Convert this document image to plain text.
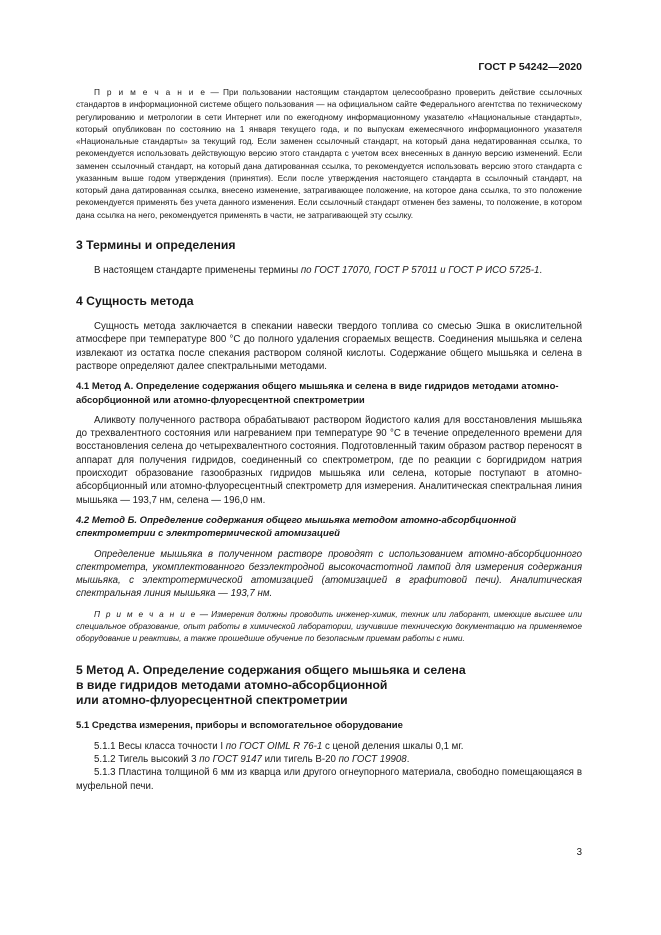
ГОСТ Р 54242—2020

П р и м е ч а н и е — При пользовании настоящим стандартом целесообразно проверить действие ссылочных стандартов в информационной системе общего пользования — на официальном сайте Федерального агентства по техническому регулированию и метрологии в сети Интернет или по ежегодному информационному указателю «Национальные стандарты», который опубликован по состоянию на 1 января текущего года, и по выпускам ежемесячного информационного указателя «Национальные стандарты» за текущий год. Если заменен ссылочный стандарт, на который дана недатированная ссылка, то рекомендуется использовать действующую версию этого стандарта с учетом всех внесенных в данную версию изменений. Если заменен ссылочный стандарт, на который дана датированная ссылка, то рекомендуется использовать версию этого стандарта с указанным выше годом утверждения (принятия). Если после утверждения настоящего стандарта в ссылочный стандарт, на который дана датированная ссылка, внесено изменение, затрагивающее положение, на которое дана ссылка, то это положение рекомендуется применять без учета данного изменения. Если ссылочный стандарт отменен без замены, то положение, в котором дана ссылка на него, рекомендуется применять в части, не затрагивающей эту ссылку.

3 Термины и определения

В настоящем стандарте применены термины по ГОСТ 17070, ГОСТ Р 57011 и ГОСТ Р ИСО 5725-1.

4 Сущность метода

Сущность метода заключается в спекании навески твердого топлива со смесью Эшка в окислительной атмосфере при температуре 800 °С до полного удаления сгораемых веществ. Соединения мышьяка и селена извлекают из остатка после спекания раствором соляной кислоты. Содержание общего мышьяка и селена в растворе определяют далее спектральными методами.

4.1 Метод А. Определение содержания общего мышьяка и селена в виде гидридов методами атомно-абсорбционной или атомно-флуоресцентной спектрометрии

Аликвоту полученного раствора обрабатывают раствором йодистого калия для восстановления мышьяка до трехвалентного состояния или нагреванием при температуре 90 °С в течение определенного времени для восстановления селена до четырехвалентного состояния. Подготовленный таким образом раствор переносят в аппарат для получения гидридов, соединенный со спектрометром, где по реакции с боргидридом натрия происходит образование газообразных гидридов мышьяка или селена, которые поступают в атомно-абсорбционный или атомно-флуоресцентный спектрометр для измерения. Аналитическая спектральная линия мышьяка — 193,7 нм, селена — 196,0 нм.

4.2 Метод Б. Определение содержания общего мышьяка методом атомно-абсорбционной спектрометрии с электротермической атомизацией

Определение мышьяка в полученном растворе проводят с использованием атомно-абсорбционного спектрометра, укомплектованного безэлектродной высокочастотной лампой для измерения содержания мышьяка, с электротермической атомизацией (атомизацией в графитовой печи). Аналитическая спектральная линия мышьяка — 193,7 нм.

П р и м е ч а н и е — Измерения должны проводить инженер-химик, техник или лаборант, имеющие высшее или специальное образование, опыт работы в химической лаборатории, изучившие техническую документацию на применяемое оборудование и реактивы, а также прошедшие обучение по безопасным приемам работы с ними.

5 Метод А. Определение содержания общего мышьяка и селена
в виде гидридов методами атомно-абсорбционной
или атомно-флуоресцентной спектрометрии
5.1 Средства измерения, приборы и вспомогательное оборудование

5.1.1 Весы класса точности I по ГОСТ OIML R 76-1 с ценой деления шкалы 0,1 мг.

5.1.2 Тигель высокий 3 по ГОСТ 9147 или тигель В-20 по ГОСТ 19908.

5.1.3 Пластина толщиной 6 мм из кварца или другого огнеупорного материала, свободно помещающаяся в муфельной печи.

3
